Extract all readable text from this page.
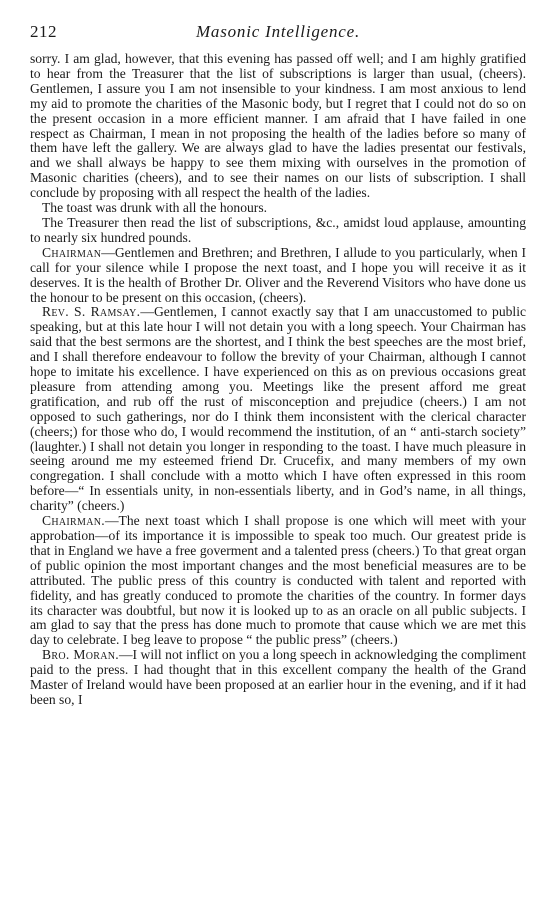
212	Masonic Intelligence.

sorry. I am glad, however, that this evening has passed off well; and I am highly gratified to hear from the Treasurer that the list of subscriptions is larger than usual, (cheers). Gentlemen, I assure you I am not insensible to your kindness. I am most anxious to lend my aid to promote the charities of the Masonic body, but I regret that I could not do so on the present occasion in a more efficient manner. I am afraid that I have failed in one respect as Chairman, I mean in not proposing the health of the ladies before so many of them have left the gallery. We are always glad to have the ladies presentat our festivals, and we shall always be happy to see them mixing with ourselves in the promotion of Masonic charities (cheers), and to see their names on our lists of subscription. I shall conclude by proposing with all respect the health of the ladies.

The toast was drunk with all the honours.

The Treasurer then read the list of subscriptions, &c., amidst loud applause, amounting to nearly six hundred pounds.

Chairman—Gentlemen and Brethren; and Brethren, I allude to you particularly, when I call for your silence while I propose the next toast, and I hope you will receive it as it deserves. It is the health of Brother Dr. Oliver and the Reverend Visitors who have done us the honour to be present on this occasion, (cheers).

Rev. S. Ramsay.—Gentlemen, I cannot exactly say that I am unaccustomed to public speaking, but at this late hour I will not detain you with a long speech. Your Chairman has said that the best sermons are the shortest, and I think the best speeches are the most brief, and I shall therefore endeavour to follow the brevity of your Chairman, although I cannot hope to imitate his excellence. I have experienced on this as on previous occasions great pleasure from attending among you. Meetings like the present afford me great gratification, and rub off the rust of misconception and prejudice (cheers.) I am not opposed to such gatherings, nor do I think them inconsistent with the clerical character (cheers;) for those who do, I would recommend the institution, of an “ anti-starch society” (laughter.) I shall not detain you longer in responding to the toast. I have much pleasure in seeing around me my esteemed friend Dr. Crucefix, and many members of my own congregation. I shall conclude with a motto which I have often expressed in this room before—“ In essentials unity, in non-essentials liberty, and in God’s name, in all things, charity” (cheers.)

Chairman.—The next toast which I shall propose is one which will meet with your approbation—of its importance it is impossible to speak too much. Our greatest pride is that in England we have a free goverment and a talented press (cheers.) To that great organ of public opinion the most important changes and the most beneficial measures are to be attributed. The public press of this country is conducted with talent and reported with fidelity, and has greatly conduced to promote the charities of the country. In former days its character was doubtful, but now it is looked up to as an oracle on all public subjects. I am glad to say that the press has done much to promote that cause which we are met this day to celebrate. I beg leave to propose “ the public press” (cheers.)

Bro. Moran.—I will not inflict on you a long speech in acknowledging the compliment paid to the press. I had thought that in this excellent company the health of the Grand Master of Ireland would have been proposed at an earlier hour in the evening, and if it had been so, I
